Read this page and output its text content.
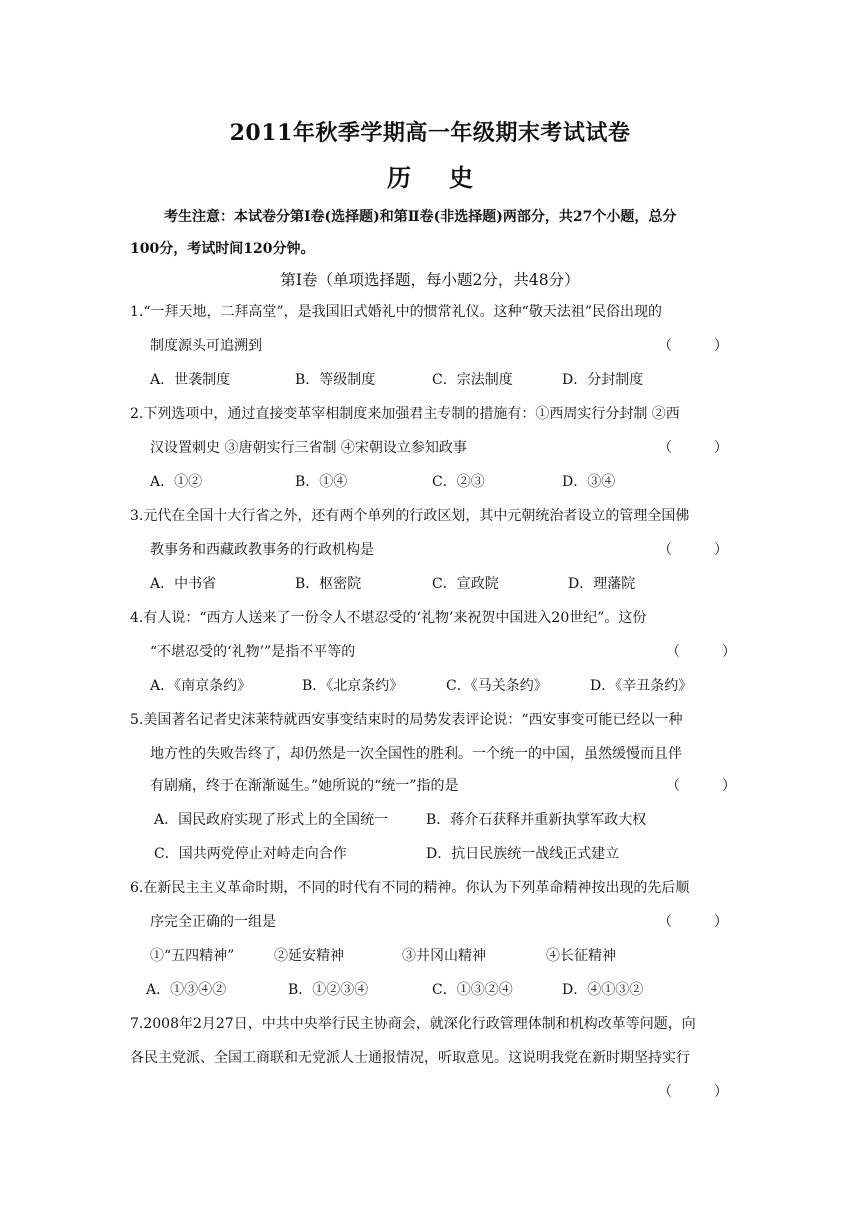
2011年秋季学期高一年级期末考试试卷
历史
考生注意：本试卷分第Ⅰ卷(选择题)和第Ⅱ卷(非选择题)两部分，共27个小题，总分
100分，考试时间120分钟。
第Ⅰ卷（单项选择题，每小题2分，共48分）
1.“一拜天地，二拜高堂”，是我国旧式婚礼中的惯常礼仪。这种“敬天法祖”民俗出现的
制度源头可追溯到	（　　　）
A．世袭制度	B．等级制度	C．宗法制度	D．分封制度
2.下列选项中，通过直接变革宰相制度来加强君主专制的措施有：①西周实行分封制 ②西
汉设置刺史 ③唐朝实行三省制 ④宋朝设立参知政事	（　　　）
A．①②	B．①④	C．②③	D．③④
3.元代在全国十大行省之外，还有两个单列的行政区划，其中元朝统治者设立的管理全国佛
教事务和西藏政教事务的行政机构是	（　　　）
A．中书省	B．枢密院	C．宣政院	D．理藩院
4.有人说：“西方人送来了一份令人不堪忍受的‘礼物’来祝贺中国进入20世纪”。这份
“不堪忍受的‘礼物’”是指不平等的	（　　　）
A．《南京条约》	B．《北京条约》	C．《马关条约》	D．《辛丑条约》
5.美国著名记者史沫莱特就西安事变结束时的局势发表评论说：“西安事变可能已经以一种
地方性的失败告终了，却仍然是一次全国性的胜利。一个统一的中国，虽然缓慢而且伴
有剧痛，终于在渐渐诞生。”她所说的“统一”指的是	（　　　）
A．国民政府实现了形式上的全国统一	B．蒋介石获释并重新执掌军政大权
C．国共两党停止对峙走向合作	D．抗日民族统一战线正式建立
6.在新民主主义革命时期，不同的时代有不同的精神。你认为下列革命精神按出现的先后顺
序完全正确的一组是	（　　　）
①“五四精神”	②延安精神	③井冈山精神	④长征精神
A．①③④②	B．①②③④	C．①③②④	D．④①③②
7.2008年2月27日，中共中央举行民主协商会，就深化行政管理体制和机构改革等问题，向
各民主党派、全国工商联和无党派人士通报情况，听取意见。这说明我党在新时期坚持实行
（　　　）
